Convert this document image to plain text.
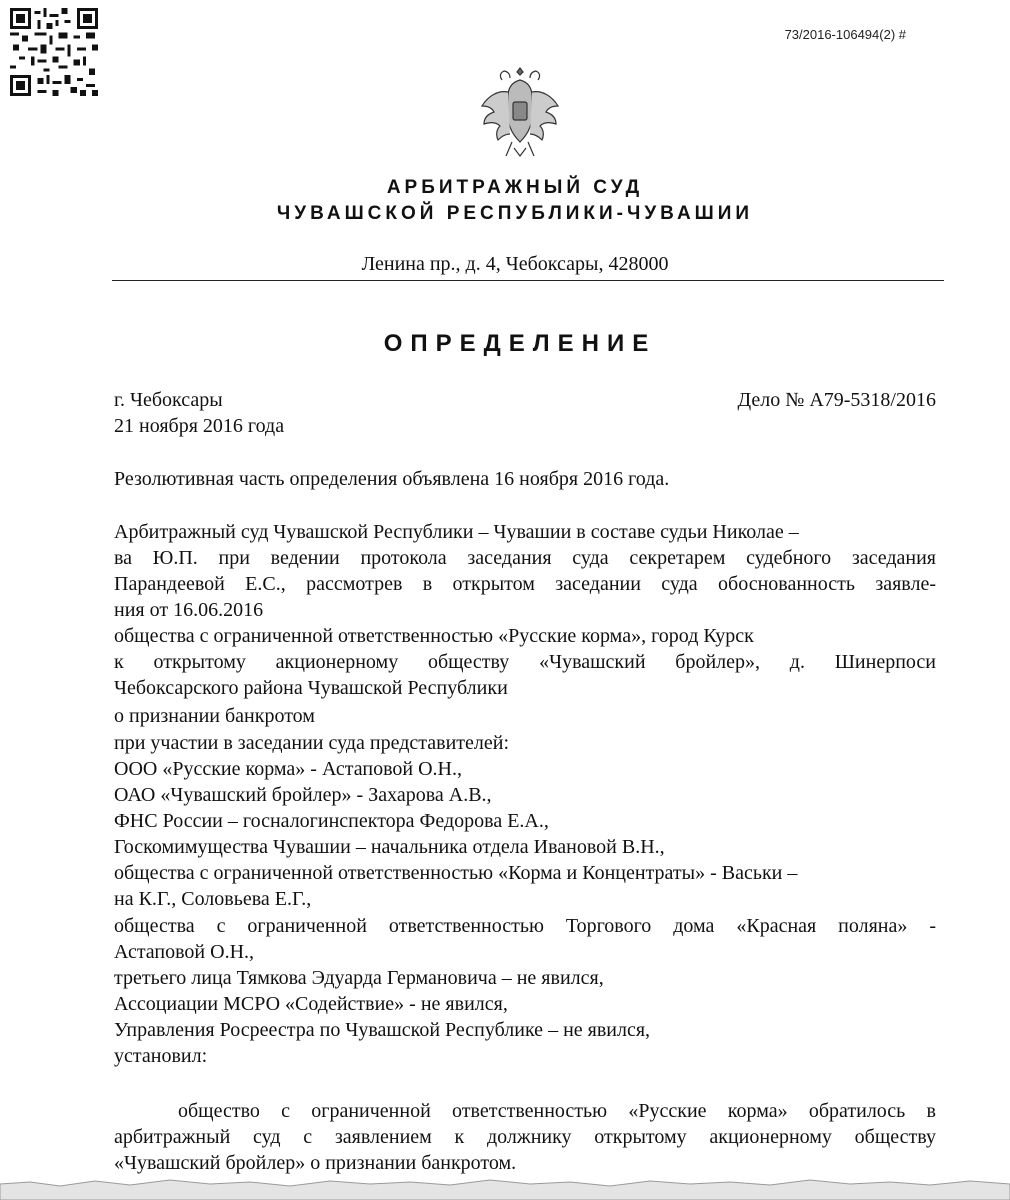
73/2016-106494(2) #
АРБИТРАЖНЫЙ СУД
ЧУВАШСКОЙ РЕСПУБЛИКИ-ЧУВАШИИ
Ленина пр., д. 4, Чебоксары, 428000
ОПРЕДЕЛЕНИЕ
г. Чебоксары	Дело № А79-5318/2016
21 ноября 2016 года
Резолютивная часть определения объявлена 16 ноября 2016 года.
Арбитражный суд Чувашской Республики – Чувашии в составе судьи Николае –
ва Ю.П. при ведении протокола заседания суда секретарем судебного заседания
Парандеевой Е.С., рассмотрев в открытом заседании суда обоснованность заявле-
ния от 16.06.2016
общества с ограниченной ответственностью «Русские корма», город Курск
к открытому акционерному обществу «Чувашский бройлер», д. Шинерпоси
Чебоксарского района Чувашской Республики
о признании банкротом
при участии в заседании суда представителей:
ООО «Русские корма» - Астаповой О.Н.,
ОАО «Чувашский бройлер» - Захарова А.В.,
ФНС России – госналогинспектора Федорова Е.А.,
Госкомимущества Чувашии – начальника отдела Ивановой В.Н.,
общества с ограниченной ответственностью «Корма и Концентраты» - Васьки –
на К.Г., Соловьева Е.Г.,
общества с ограниченной ответственностью Торгового дома «Красная поляна» -
Астаповой О.Н.,
третьего лица Тямкова Эдуарда Германовича – не явился,
Ассоциации МСРО «Содействие» - не явился,
Управления Росреестра по Чувашской Республике – не явился,
установил:
общество с ограниченной ответственностью «Русские корма» обратилось в
арбитражный суд с заявлением к должнику открытому акционерному обществу
«Чувашский бройлер» о признании банкротом.
